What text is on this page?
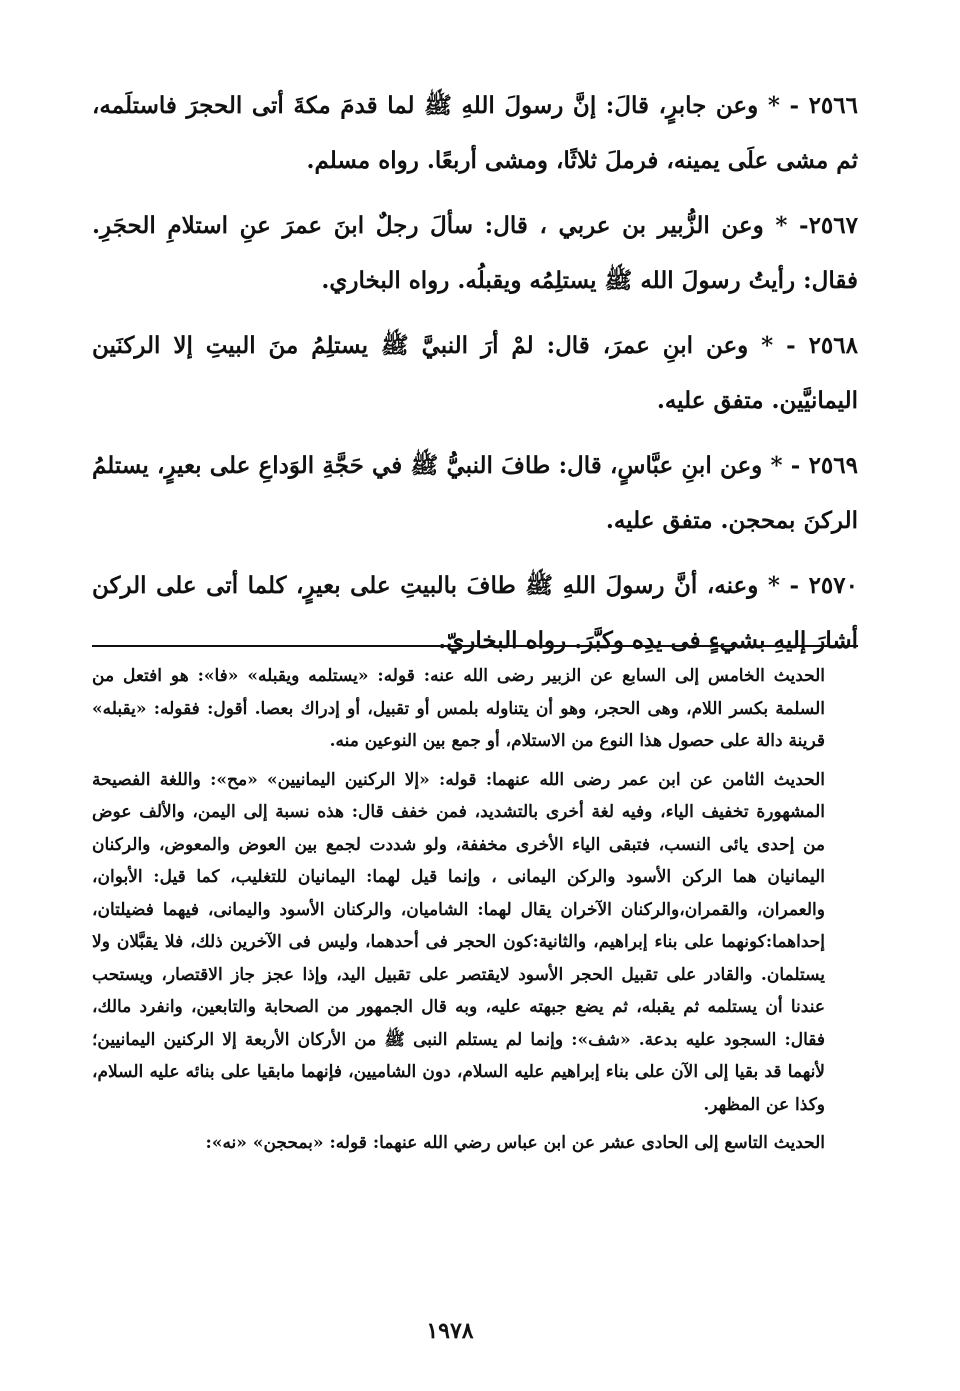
٢٥٦٦ - * وعن جابرٍ، قالَ: إنَّ رسولَ اللهِ ﷺ لما قدمَ مكةَ أتى الحجرَ فاستلَمه، ثم مشى علَى يمينه، فرملَ ثلاثًا، ومشى أربعًا. رواه مسلم.

٢٥٦٧- * وعن الزُّبير بن عربي ، قال: سألَ رجلٌ ابنَ عمرَ عنِ استلامِ الحجَرِ. فقال: رأيتُ رسولَ الله ﷺ يستلِمُه ويقبلُه. رواه البخاري.

٢٥٦٨ - * وعن ابنِ عمرَ، قال: لمْ أرَ النبيَّ ﷺ يستلِمُ منَ البيتِ إلا الركنَين اليمانيَّين. متفق عليه.

٢٥٦٩ - * وعن ابنِ عبَّاسٍ، قال: طافَ النبيُّ ﷺ في حَجَّةِ الوَداعِ على بعيرٍ، يستلمُ الركنَ بمحجن. متفق عليه.

٢٥٧٠ - * وعنه، أنَّ رسولَ اللهِ ﷺ طافَ بالبيتِ على بعيرٍ، كلما أتى على الركن أشارَ إليهِ بشيءٍ فى يدِه وكبَّرَ. رواه البخاريّ.

الحديث الخامس إلى السابع عن الزبير رضى الله عنه: قوله: «يستلمه ويقبله» «فا»: هو افتعل من السلمة بكسر اللام، وهى الحجر، وهو أن يتناوله بلمس أو تقبيل، أو إدراك بعصا. أقول: فقوله: «يقبله» قرينة دالة على حصول هذا النوع من الاستلام، أو جمع بين النوعين منه.

الحديث الثامن عن ابن عمر رضى الله عنهما: قوله: «إلا الركنين اليمانيين» «مح»: واللغة الفصيحة المشهورة تخفيف الياء، وفيه لغة أخرى بالتشديد، فمن خفف قال: هذه نسبة إلى اليمن، والألف عوض من إحدى يائى النسب، فتبقى الياء الأخرى مخففة، ولو شددت لجمع بين العوض والمعوض، والركنان اليمانيان هما الركن الأسود والركن اليمانى ، وإنما قيل لهما: اليمانيان للتغليب، كما قيل: الأبوان، والعمران، والقمران،والركنان الآخران يقال لهما: الشاميان، والركنان الأسود واليمانى، فيهما فضيلتان، إحداهما:كونهما على بناء إبراهيم، والثانية:كون الحجر فى أحدهما، وليس فى الآخرين ذلك، فلا يقبَّلان ولا يستلمان. والقادر على تقبيل الحجر الأسود لايقتصر على تقبيل اليد، وإذا عجز جاز الاقتصار، ويستحب عندنا أن يستلمه ثم يقبله، ثم يضع جبهته عليه، وبه قال الجمهور من الصحابة والتابعين، وانفرد مالك، فقال: السجود عليه بدعة. «شف»: وإنما لم يستلم النبى ﷺ من الأركان الأربعة إلا الركنين اليمانيين؛ لأنهما قد بقيا إلى الآن على بناء إبراهيم عليه السلام، دون الشاميين، فإنهما مابقيا على بنائه عليه السلام، وكذا عن المظهر.

الحديث التاسع إلى الحادى عشر عن ابن عباس رضي الله عنهما: قوله: «بمحجن» «نه»:

١٩٧٨
